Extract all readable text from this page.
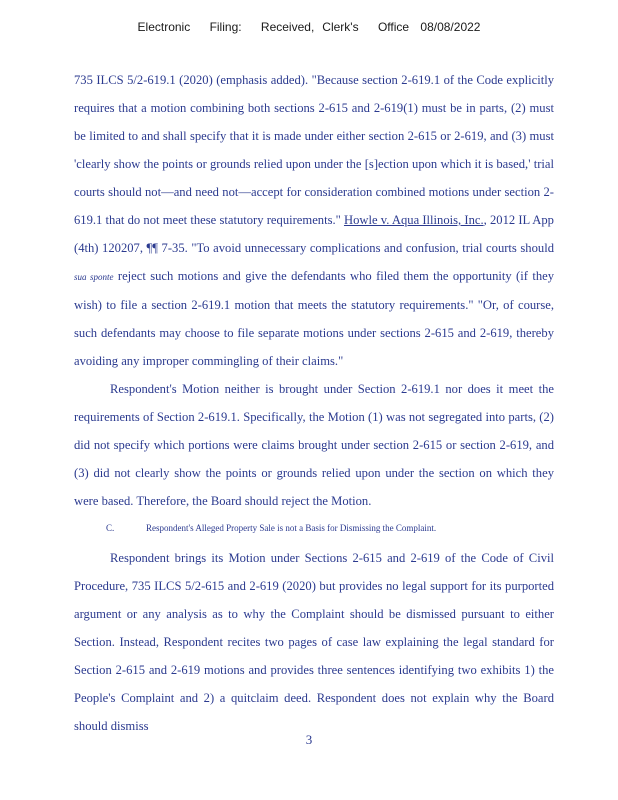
Electronic Filing: Received, Clerk's Office 08/08/2022

735 ILCS 5/2-619.1 (2020) (emphasis added). "Because section 2-619.1 of the Code explicitly requires that a motion combining both sections 2-615 and 2-619(1) must be in parts, (2) must be limited to and shall specify that it is made under either section 2-615 or 2-619, and (3) must 'clearly show the points or grounds relied upon under the [s]ection upon which it is based,' trial courts should not—and need not—accept for consideration combined motions under section 2-619.1 that do not meet these statutory requirements." Howle v. Aqua Illinois, Inc., 2012 IL App (4th) 120207, ¶¶ 7-35. "To avoid unnecessary complications and confusion, trial courts should sua sponte reject such motions and give the defendants who filed them the opportunity (if they wish) to file a section 2-619.1 motion that meets the statutory requirements." "Or, of course, such defendants may choose to file separate motions under sections 2-615 and 2-619, thereby avoiding any improper commingling of their claims."

Respondent's Motion neither is brought under Section 2-619.1 nor does it meet the requirements of Section 2-619.1. Specifically, the Motion (1) was not segregated into parts, (2) did not specify which portions were claims brought under section 2-615 or section 2-619, and (3) did not clearly show the points or grounds relied upon under the section on which they were based. Therefore, the Board should reject the Motion.

C.	Respondent's Alleged Property Sale is not a Basis for Dismissing the Complaint.

Respondent brings its Motion under Sections 2-615 and 2-619 of the Code of Civil Procedure, 735 ILCS 5/2-615 and 2-619 (2020) but provides no legal support for its purported argument or any analysis as to why the Complaint should be dismissed pursuant to either Section. Instead, Respondent recites two pages of case law explaining the legal standard for Section 2-615 and 2-619 motions and provides three sentences identifying two exhibits 1) the People's Complaint and 2) a quitclaim deed. Respondent does not explain why the Board should dismiss

3
